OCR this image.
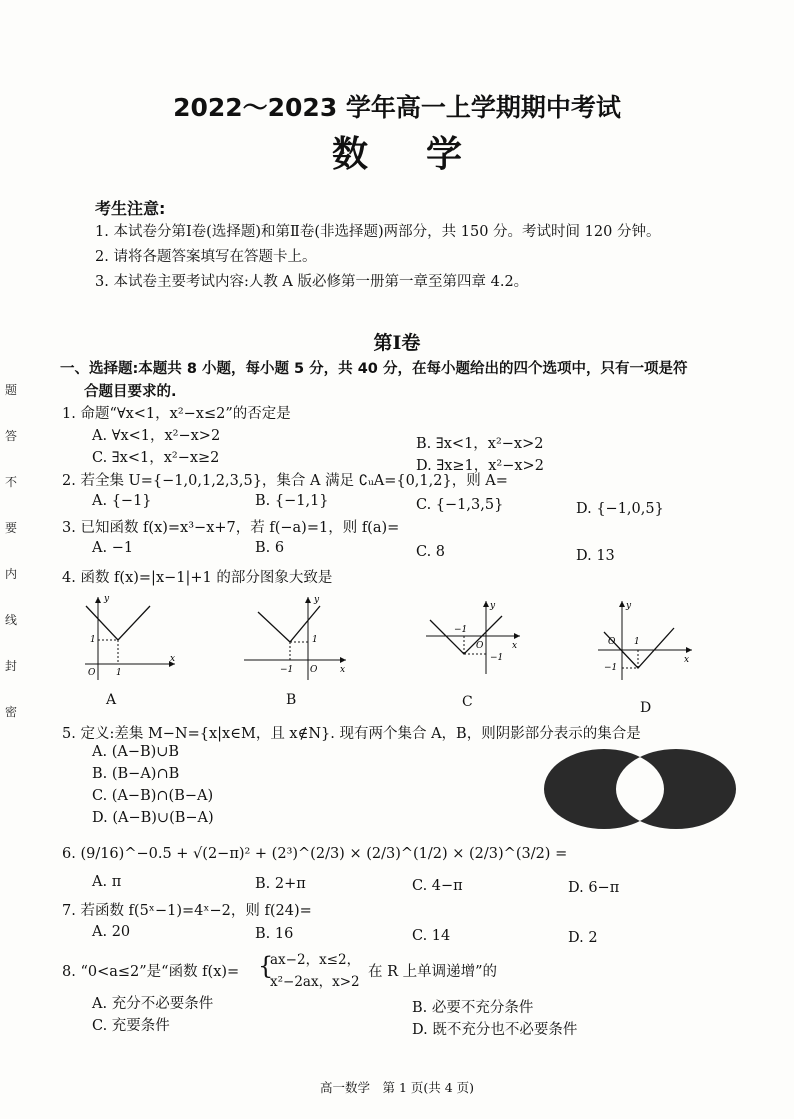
题
答
不
要
内
线
封
密
2022～2023 学年高一上学期期中考试
数学
考生注意:
1. 本试卷分第Ⅰ卷(选择题)和第Ⅱ卷(非选择题)两部分，共 150 分。考试时间 120 分钟。
2. 请将各题答案填写在答题卡上。
3. 本试卷主要考试内容:人教 A 版必修第一册第一章至第四章 4.2。
第Ⅰ卷
一、选择题:本题共 8 小题，每小题 5 分，共 40 分，在每小题给出的四个选项中，只有一项是符
合题目要求的.
1. 命题“∀x<1，x²−x≤2”的否定是
A. ∀x<1，x²−x>2	B. ∃x<1，x²−x>2
C. ∃x<1，x²−x≥2	D. ∃x≥1，x²−x>2
2. 若全集 U={−1,0,1,2,3,5}，集合 A 满足 ∁ᵤA={0,1,2}，则 A=
A. {−1}	B. {−1,1}	C. {−1,3,5}	D. {−1,0,5}
3. 已知函数 f(x)=x³−x+7，若 f(−a)=1，则 f(a)=
A. −1	B. 6	C. 8	D. 13
4. 函数 f(x)=|x−1|+1 的部分图象大致是
y
x
1
O 1
A
y
x
1
−1 O
B
y
x
−1
O
−1
C
y
x
1
O
−1
D
5. 定义:差集 M−N={x|x∈M，且 x∉N}. 现有两个集合 A，B，则阴影部分表示的集合是
A. (A−B)∪B
B. (B−A)∩B
C. (A−B)∩(B−A)
D. (A−B)∪(B−A)
6. (9/16)^−0.5 + √(2−π)² + (2³)^(2/3) × (2/3)^(1/2) × (2/3)^(3/2) =
A. π	B. 2+π	C. 4−π	D. 6−π
7. 若函数 f(5ˣ−1)=4ˣ−2，则 f(24)=
A. 20	B. 16	C. 14	D. 2
8. “0<a≤2”是“函数 f(x)= {
ax−2，x≤2，
x²−2ax，x>2
在 R 上单调递增”的
A. 充分不必要条件	B. 必要不充分条件
C. 充要条件	D. 既不充分也不必要条件
高一数学　第 1 页(共 4 页)
